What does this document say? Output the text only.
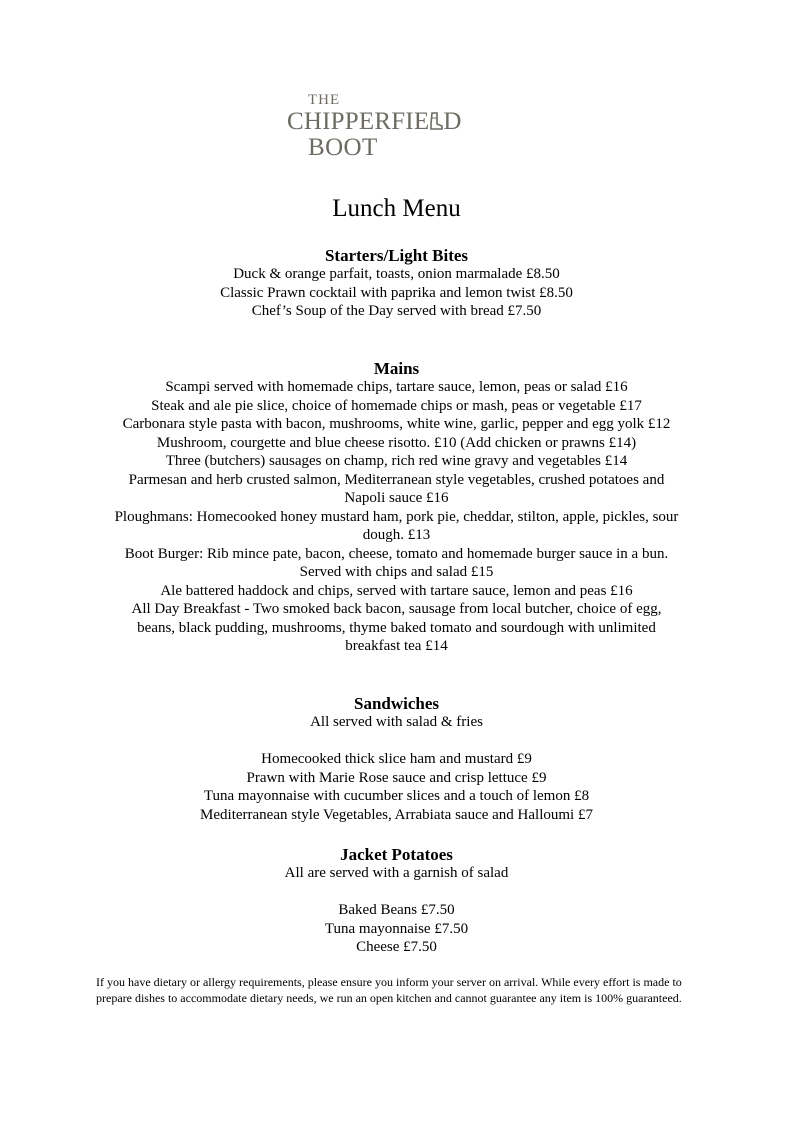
THE
CHIPPERFIE D
BOOT
Lunch Menu
Starters/Light Bites
Duck & orange parfait, toasts, onion marmalade £8.50
Classic Prawn cocktail with paprika and lemon twist £8.50
Chef’s Soup of the Day served with bread £7.50
Mains
Scampi served with homemade chips, tartare sauce, lemon, peas or salad £16
Steak and ale pie slice, choice of homemade chips or mash, peas or vegetable £17
Carbonara style pasta with bacon, mushrooms, white wine, garlic, pepper and egg yolk £12
Mushroom, courgette and blue cheese risotto. £10 (Add chicken or prawns £14)
Three (butchers) sausages on champ, rich red wine gravy and vegetables £14
Parmesan and herb crusted salmon, Mediterranean style vegetables, crushed potatoes and
Napoli sauce £16
Ploughmans: Homecooked honey mustard ham, pork pie, cheddar, stilton, apple, pickles, sour
dough. £13
Boot Burger: Rib mince pate, bacon, cheese, tomato and homemade burger sauce in a bun.
Served with chips and salad £15
Ale battered haddock and chips, served with tartare sauce, lemon and peas £16
All Day Breakfast - Two smoked back bacon, sausage from local butcher, choice of egg,
beans, black pudding, mushrooms, thyme baked tomato and sourdough with unlimited
breakfast tea £14
Sandwiches
All served with salad & fries
Homecooked thick slice ham and mustard £9
Prawn with Marie Rose sauce and crisp lettuce £9
Tuna mayonnaise with cucumber slices and a touch of lemon £8
Mediterranean style Vegetables, Arrabiata sauce and Halloumi £7
Jacket Potatoes
All are served with a garnish of salad
Baked Beans £7.50
Tuna mayonnaise £7.50
Cheese £7.50
If you have dietary or allergy requirements, please ensure you inform your server on arrival. While every effort is made to prepare dishes to accommodate dietary needs, we run an open kitchen and cannot guarantee any item is 100% guaranteed.
